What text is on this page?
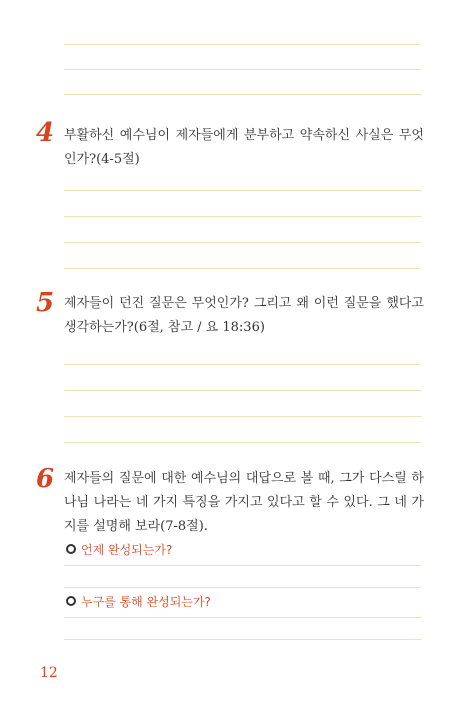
4 부활하신 예수님이 제자들에게 분부하고 약속하신 사실은 무엇인가?(4-5절)
5 제자들이 던진 질문은 무엇인가? 그리고 왜 이런 질문을 했다고 생각하는가?(6절, 참고 / 요 18:36)
6 제자들의 질문에 대한 예수님의 대답으로 볼 때, 그가 다스릴 하나님 나라는 네 가지 특징을 가지고 있다고 할 수 있다. 그 네 가지를 설명해 보라(7-8절).
언제 완성되는가?
누구를 통해 완성되는가?
12
